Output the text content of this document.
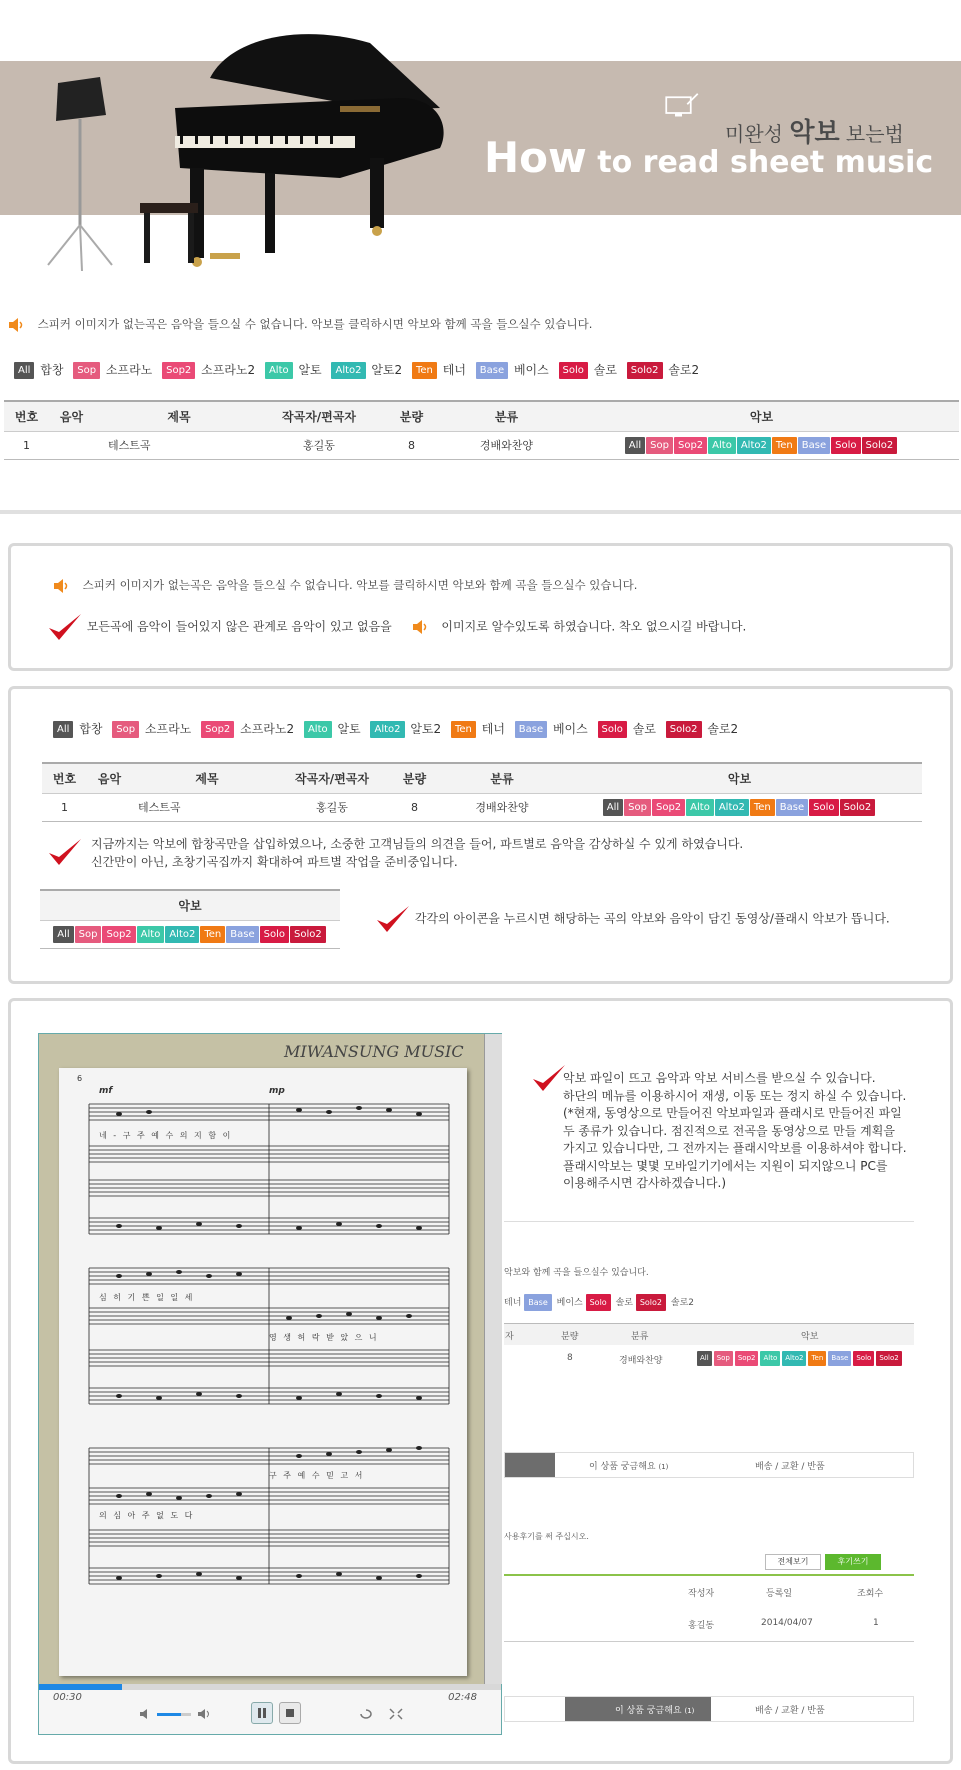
미완성 악보 보는법
How to read sheet music
스피커 이미지가 없는곡은 음악을 들으실 수 없습니다. 악보를 클릭하시면 악보와 함께 곡을 들으실수 있습니다.
All 합창 Sop 소프라노 Sop2 소프라노2 Alto 알토 Alto2 알토2 Ten 테너 Base 베이스 Solo 솔로 Solo2 솔로2
번호	음악	제목	작곡자/편곡자	분량	분류	악보
1		테스트곡	홍길동	8	경배와찬양	All Sop Sop2 Alto Alto2 Ten Base Solo Solo2
스피커 이미지가 없는곡은 음악을 들으실 수 없습니다. 악보를 클릭하시면 악보와 함께 곡을 들으실수 있습니다.
모든곡에 음악이 들어있지 않은 관계로 음악이 있고 없음을	이미지로 알수있도록 하였습니다. 착오 없으시길 바랍니다.
All 합창 Sop 소프라노 Sop2 소프라노2 Alto 알토 Alto2 알토2 Ten 테너 Base 베이스 Solo 솔로 Solo2 솔로2
번호	음악	제목	작곡자/편곡자	분량	분류	악보
1		테스트곡	홍길동	8	경배와찬양	All Sop Sop2 Alto Alto2 Ten Base Solo Solo2
지금까지는 악보에 합창곡만을 삽입하였으나, 소중한 고객님들의 의견을 들어, 파트별로 음악을 감상하실 수 있게 하였습니다.
신간만이 아닌, 초창기곡집까지 확대하여 파트별 작업을 준비중입니다.
악보
All Sop Sop2 Alto Alto2 Ten Base Solo Solo2
각각의 아이콘을 누르시면 해당하는 곡의 악보와 음악이 담긴 동영상/플래시 악보가 뜹니다.
악보와 함께 곡을 들으실수 있습니다.
테너 Base 베이스 Solo 솔로 Solo2 솔로2
자	분량	분류	악보
8	경배와찬양	All Sop Sop2 Alto Alto2 Ten Base Solo Solo2
이 상품 궁금해요 (1)	배송 / 교환 / 반품
사용후기를 써 주십시오.
전체보기	후기쓰기
작성자	등록일	조회수
홍길동	2014/04/07	1
이 상품 궁금해요 (1)	배송 / 교환 / 반품
악보 파일이 뜨고 음악과 악보 서비스를 받으실 수 있습니다.
하단의 메뉴를 이용하시어 재생, 이동 또는 정지 하실 수 있습니다.
(*현재, 동영상으로 만들어진 악보파일과 플래시로 만들어진 파일
두 종류가 있습니다. 점진적으로 전곡을 동영상으로 만들 계획을
가지고 있습니다만, 그 전까지는 플래시악보를 이용하셔야 합니다.
플래시악보는 몇몇 모바일기기에서는 지원이 되지않으니 PC를
이용해주시면 감사하겠습니다.)
MIWANSUNG MUSIC
6
mf	mp
네 - 구 주 예 수 의 지 함 이
심 히 기 쁜 일 일 세
영 생 허 락 받 았 으 니
구 주 예 수 믿 고 서
의 심 아 주 없 도 다
00:30	02:48
